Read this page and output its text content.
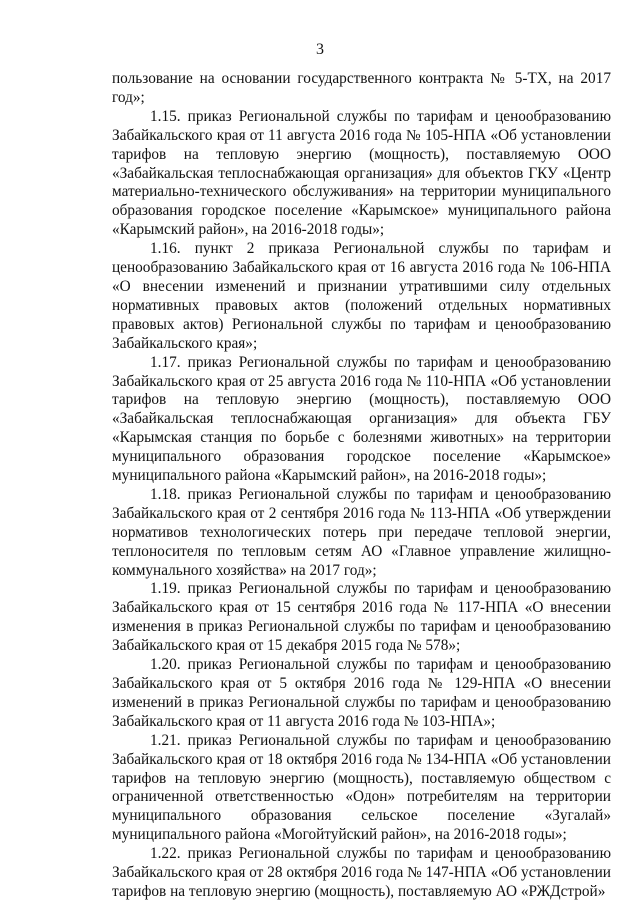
3

пользование на основании государственного контракта № 5-ТХ, на 2017 год»;

1.15. приказ Региональной службы по тарифам и ценообразованию Забайкальского края от 11 августа 2016 года № 105-НПА «Об установлении тарифов на тепловую энергию (мощность), поставляемую ООО «Забайкальская теплоснабжающая организация» для объектов ГКУ «Центр материально-технического обслуживания» на территории муниципального образования городское поселение «Карымское» муниципального района «Карымский район», на 2016-2018 годы»;

1.16. пункт 2 приказа Региональной службы по тарифам и ценообразованию Забайкальского края от 16 августа 2016 года № 106-НПА «О внесении изменений и признании утратившими силу отдельных нормативных правовых актов (положений отдельных нормативных правовых актов) Региональной службы по тарифам и ценообразованию Забайкальского края»;

1.17. приказ Региональной службы по тарифам и ценообразованию Забайкальского края от 25 августа 2016 года № 110-НПА «Об установлении тарифов на тепловую энергию (мощность), поставляемую ООО «Забайкальская теплоснабжающая организация» для объекта ГБУ «Карымская станция по борьбе с болезнями животных» на территории муниципального образования городское поселение «Карымское» муниципального района «Карымский район», на 2016-2018 годы»;

1.18. приказ Региональной службы по тарифам и ценообразованию Забайкальского края от 2 сентября 2016 года № 113-НПА «Об утверждении нормативов технологических потерь при передаче тепловой энергии, теплоносителя по тепловым сетям АО «Главное управление жилищно-коммунального хозяйства» на 2017 год»;

1.19. приказ Региональной службы по тарифам и ценообразованию Забайкальского края от 15 сентября 2016 года № 117-НПА «О внесении изменения в приказ Региональной службы по тарифам и ценообразованию Забайкальского края от 15 декабря 2015 года № 578»;

1.20. приказ Региональной службы по тарифам и ценообразованию Забайкальского края от 5 октября 2016 года № 129-НПА «О внесении изменений в приказ Региональной службы по тарифам и ценообразованию Забайкальского края от 11 августа 2016 года № 103-НПА»;

1.21. приказ Региональной службы по тарифам и ценообразованию Забайкальского края от 18 октября 2016 года № 134-НПА «Об установлении тарифов на тепловую энергию (мощность), поставляемую обществом с ограниченной ответственностью «Одон» потребителям на территории муниципального образования сельское поселение «Зугалай» муниципального района «Могойтуйский район», на 2016-2018 годы»;

1.22. приказ Региональной службы по тарифам и ценообразованию Забайкальского края от 28 октября 2016 года № 147-НПА «Об установлении тарифов на тепловую энергию (мощность), поставляемую АО «РЖДстрой»
